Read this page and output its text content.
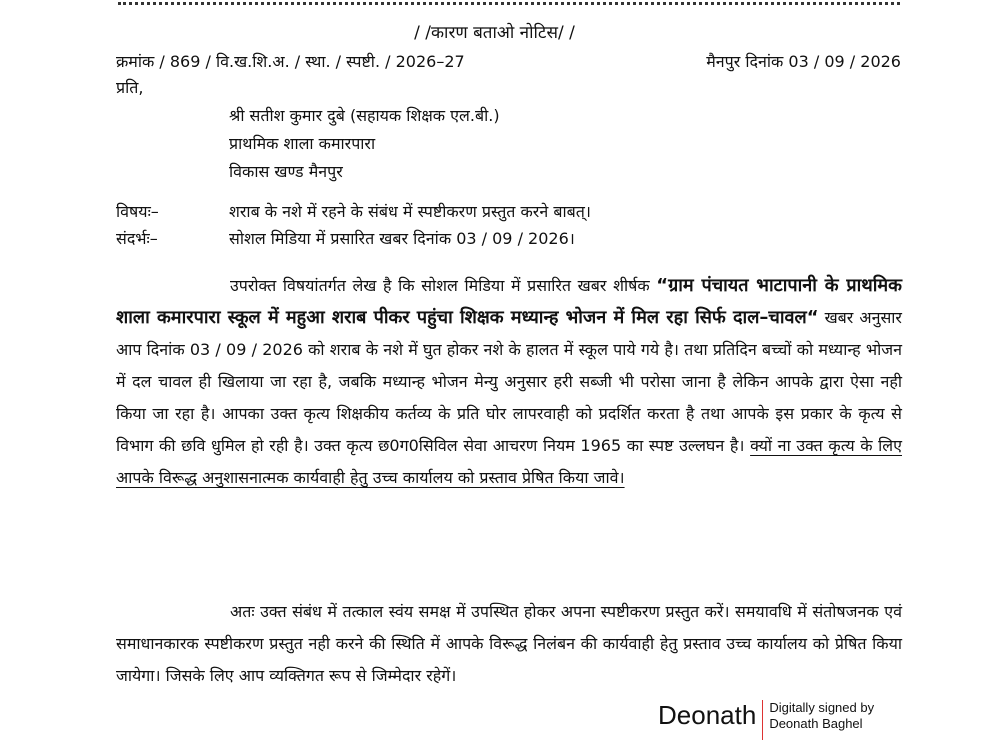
/ /कारण बताओ नोटिस/ /
क्रमांक / 869 / वि.ख.शि.अ. / स्था. / स्पष्टी. / 2026–27	मैनपुर दिनांक 03 / 09 / 2026
प्रति,
श्री सतीश कुमार दुबे (सहायक शिक्षक एल.बी.)
प्राथमिक शाला कमारपारा
विकास खण्ड मैनपुर
विषयः–	शराब के नशे में रहने के संबंध में स्पष्टीकरण प्रस्तुत करने बाबत्।
संदर्भः–	सोशल मिडिया में प्रसारित खबर दिनांक 03 / 09 / 2026।
उपरोक्त विषयांतर्गत लेख है कि सोशल मिडिया में प्रसारित खबर शीर्षक “ग्राम पंचायत भाटापानी के प्राथमिक शाला कमारपारा स्कूल में महुआ शराब पीकर पहुंचा शिक्षक मध्यान्ह भोजन में मिल रहा सिर्फ दाल–चावल“ खबर अनुसार आप दिनांक 03 / 09 / 2026 को शराब के नशे में घुत होकर नशे के हालत में स्कूल पाये गये है। तथा प्रतिदिन बच्चों को मध्यान्ह भोजन में दल चावल ही खिलाया जा रहा है, जबकि मध्यान्ह भोजन मेन्यु अनुसार हरी सब्जी भी परोसा जाना है लेकिन आपके द्वारा ऐसा नही किया जा रहा है। आपका उक्त कृत्य शिक्षकीय कर्तव्य के प्रति घोर लापरवाही को प्रदर्शित करता है तथा आपके इस प्रकार के कृत्य से विभाग की छवि धुमिल हो रही है। उक्त कृत्य छ0ग0सिविल सेवा आचरण नियम 1965 का स्पष्ट उल्लघन है। क्यों ना उक्त कृत्य के लिए आपके विरूद्ध अनुशासनात्मक कार्यवाही हेतु उच्च कार्यालय को प्रस्ताव प्रेषित किया जावे।
अतः उक्त संबंध में तत्काल स्वंय समक्ष में उपस्थित होकर अपना स्पष्टीकरण प्रस्तुत करें। समयावधि में संतोषजनक एवं समाधानकारक स्पष्टीकरण प्रस्तुत नही करने की स्थिति में आपके विरूद्ध निलंबन की कार्यवाही हेतु प्रस्ताव उच्च कार्यालय को प्रेषित किया जायेगा। जिसके लिए आप व्यक्तिगत रूप से जिम्मेदार रहेगें।
Deonath Digitally signed by
Deonath Baghel
